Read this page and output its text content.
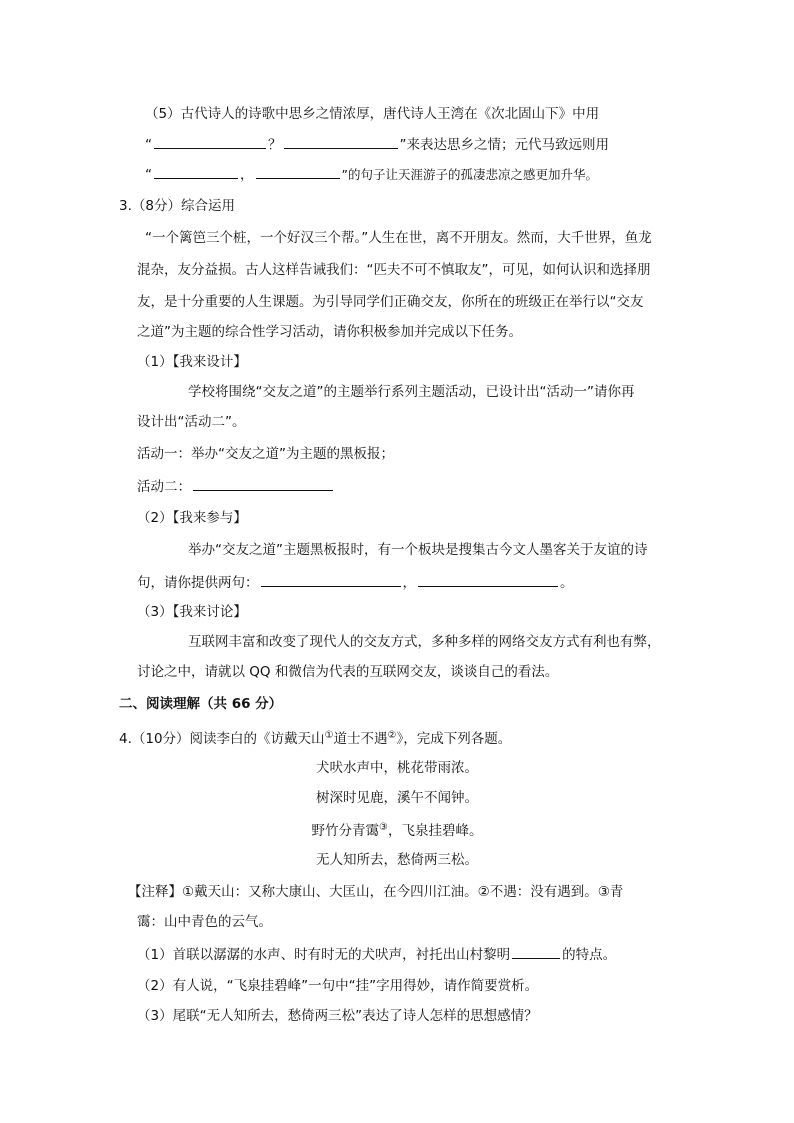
（5）古代诗人的诗歌中思乡之情浓厚，唐代诗人王湾在《次北固山下》中用
“	？	”来表达思乡之情；元代马致远则用
“	，	”的句子让天涯游子的孤凄悲凉之感更加升华。
3.（8分）综合运用
“一个篱笆三个桩，一个好汉三个帮。”人生在世，离不开朋友。然而，大千世界，鱼龙
混杂，友分益损。古人这样告诫我们：“匹夫不可不慎取友”，可见，如何认识和选择朋
友，是十分重要的人生课题。为引导同学们正确交友，你所在的班级正在举行以“交友
之道”为主题的综合性学习活动，请你积极参加并完成以下任务。
（1）【我来设计】
学校将围绕“交友之道”的主题举行系列主题活动，已设计出“活动一”请你再
设计出“活动二”。
活动一：举办“交友之道”为主题的黑板报；
活动二：
（2）【我来参与】
举办“交友之道”主题黑板报时，有一个板块是搜集古今文人墨客关于友谊的诗
句，请你提供两句：	，	。
（3）【我来讨论】
互联网丰富和改变了现代人的交友方式，多种多样的网络交友方式有利也有弊，
讨论之中，请就以 QQ 和微信为代表的互联网交友，谈谈自己的看法。
二、阅读理解（共 66 分）
4.（10分）阅读李白的《访戴天山①道士不遇②》，完成下列各题。
犬吠水声中，桃花带雨浓。
树深时见鹿，溪午不闻钟。
野竹分青霭③，飞泉挂碧峰。
无人知所去，愁倚两三松。
【注释】①戴天山：又称大康山、大匡山，在今四川江油。②不遇：没有遇到。③青
霭：山中青色的云气。
（1）首联以潺潺的水声、时有时无的犬吠声，衬托出山村黎明	的特点。
（2）有人说，“飞泉挂碧峰”一句中“挂”字用得妙，请作简要赏析。
（3）尾联“无人知所去，愁倚两三松”表达了诗人怎样的思想感情？
